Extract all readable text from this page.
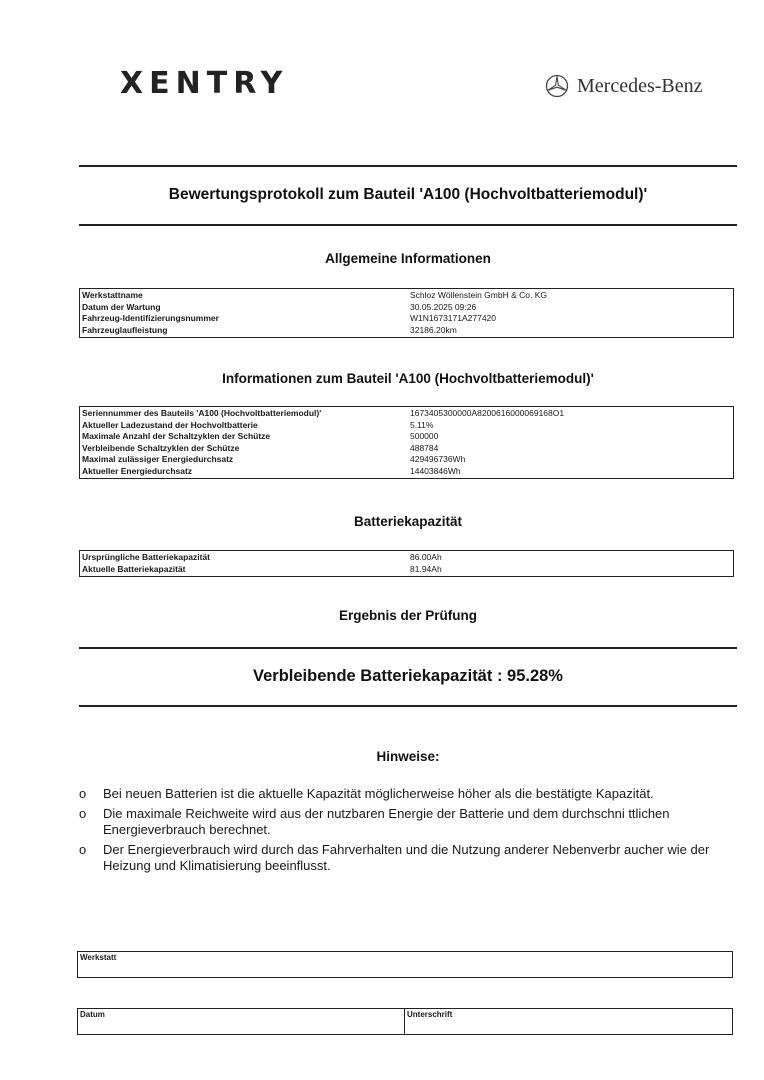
XENTRY	Mercedes-Benz
Bewertungsprotokoll zum Bauteil 'A100 (Hochvoltbatteriemodul)'
Allgemeine Informationen
Werkstattname	Schloz Wöllenstein GmbH & Co. KG
Datum der Wartung	30.05.2025 09:26
Fahrzeug-Identifizierungsnummer	W1N1673171A277420
Fahrzeuglaufleistung	32186.20km
Informationen zum Bauteil 'A100 (Hochvoltbatteriemodul)'
Seriennummer des Bauteils 'A100 (Hochvoltbatteriemodul)'	1673405300000A8200616000069168O1
Aktueller Ladezustand der Hochvoltbatterie	5.11%
Maximale Anzahl der Schaltzyklen der Schütze	500000
Verbleibende Schaltzyklen der Schütze	488784
Maximal zulässiger Energiedurchsatz	429496736Wh
Aktueller Energiedurchsatz	14403846Wh
Batteriekapazität
Ursprüngliche Batteriekapazität	86.00Ah
Aktuelle Batteriekapazität	81.94Ah
Ergebnis der Prüfung
Verbleibende Batteriekapazität : 95.28%
Hinweise:
o	Bei neuen Batterien ist die aktuelle Kapazität möglicherweise höher als die bestätigte Kapazität.
o	Die maximale Reichweite wird aus der nutzbaren Energie der Batterie und dem durchschni ttlichen Energieverbrauch berechnet.
o	Der Energieverbrauch wird durch das Fahrverhalten und die Nutzung anderer Nebenverbr aucher wie der Heizung und Klimatisierung beeinflusst.
Werkstatt
Datum	Unterschrift
